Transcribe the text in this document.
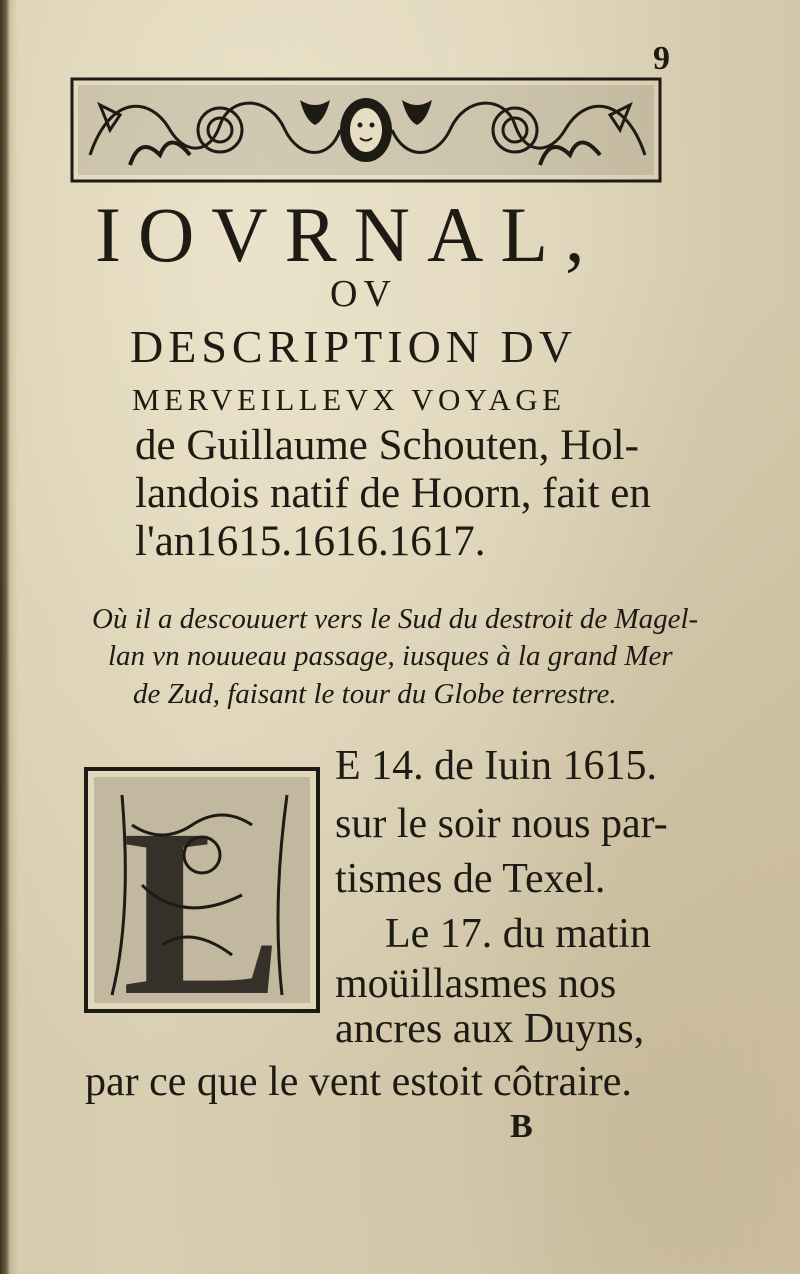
9
IOVRNAL,
OV
DESCRIPTION DV
MERVEILLEVX VOYAGE
de Guillaume Schouten, Hol-
landois natif de Hoorn, fait en
l'an1615.1616.1617.
Où il a descouuert vers le Sud du destroit de Magel-
lan vn nouueau passage, iusques à la grand Mer
de Zud, faisant le tour du Globe terrestre.
L
E 14. de Iuin 1615.
sur le soir nous par-
tismes de Texel.
Le 17. du matin
moüillasmes nos
ancres aux Duyns,
par ce que le vent estoit côtraire.
B
